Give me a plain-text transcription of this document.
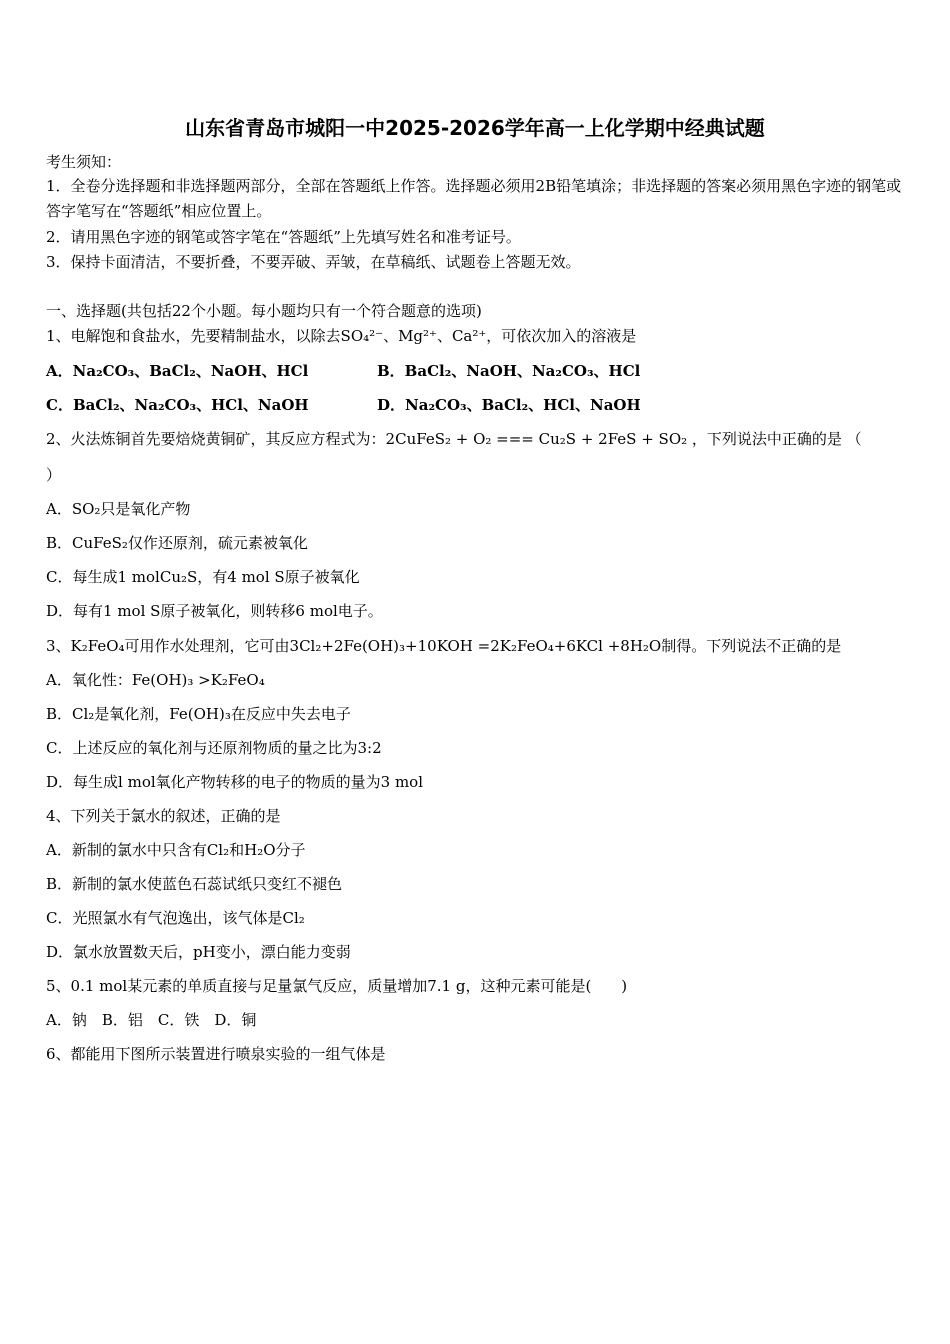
山东省青岛市城阳一中2025-2026学年高一上化学期中经典试题
考生须知：
1．全卷分选择题和非选择题两部分，全部在答题纸上作答。选择题必须用2B铅笔填涂；非选择题的答案必须用黑色字迹的钢笔或答字笔写在“答题纸”相应位置上。
2．请用黑色字迹的钢笔或答字笔在“答题纸”上先填写姓名和准考证号。
3．保持卡面清洁，不要折叠，不要弄破、弄皱，在草稿纸、试题卷上答题无效。
一、选择题(共包括22个小题。每小题均只有一个符合题意的选项)
1、电解饱和食盐水，先要精制盐水，以除去SO₄²⁻、Mg²⁺、Ca²⁺，可依次加入的溶液是
A．Na₂CO₃、BaCl₂、NaOH、HCl	B．BaCl₂、NaOH、Na₂CO₃、HCl
C．BaCl₂、Na₂CO₃、HCl、NaOH	D．Na₂CO₃、BaCl₂、HCl、NaOH
2、火法炼铜首先要焙烧黄铜矿，其反应方程式为：2CuFeS₂ + O₂ === Cu₂S + 2FeS + SO₂ ，下列说法中正确的是 （
）
A．SO₂只是氧化产物
B．CuFeS₂仅作还原剂，硫元素被氧化
C．每生成1 molCu₂S，有4 mol S原子被氧化
D．每有1 mol S原子被氧化，则转移6 mol电子。
3、K₂FeO₄可用作水处理剂，它可由3Cl₂+2Fe(OH)₃+10KOH =2K₂FeO₄+6KCl +8H₂O制得。下列说法不正确的是
A．氧化性：Fe(OH)₃ >K₂FeO₄
B．Cl₂是氧化剂，Fe(OH)₃在反应中失去电子
C．上述反应的氧化剂与还原剂物质的量之比为3:2
D．每生成l mol氧化产物转移的电子的物质的量为3 mol
4、下列关于氯水的叙述，正确的是
A．新制的氯水中只含有Cl₂和H₂O分子
B．新制的氯水使蓝色石蕊试纸只变红不褪色
C．光照氯水有气泡逸出，该气体是Cl₂
D．氯水放置数天后，pH变小，漂白能力变弱
5、0.1 mol某元素的单质直接与足量氯气反应，质量增加7.1 g，这种元素可能是(　　)
A．钠　B．铝　C．铁　D．铜
6、都能用下图所示装置进行喷泉实验的一组气体是
